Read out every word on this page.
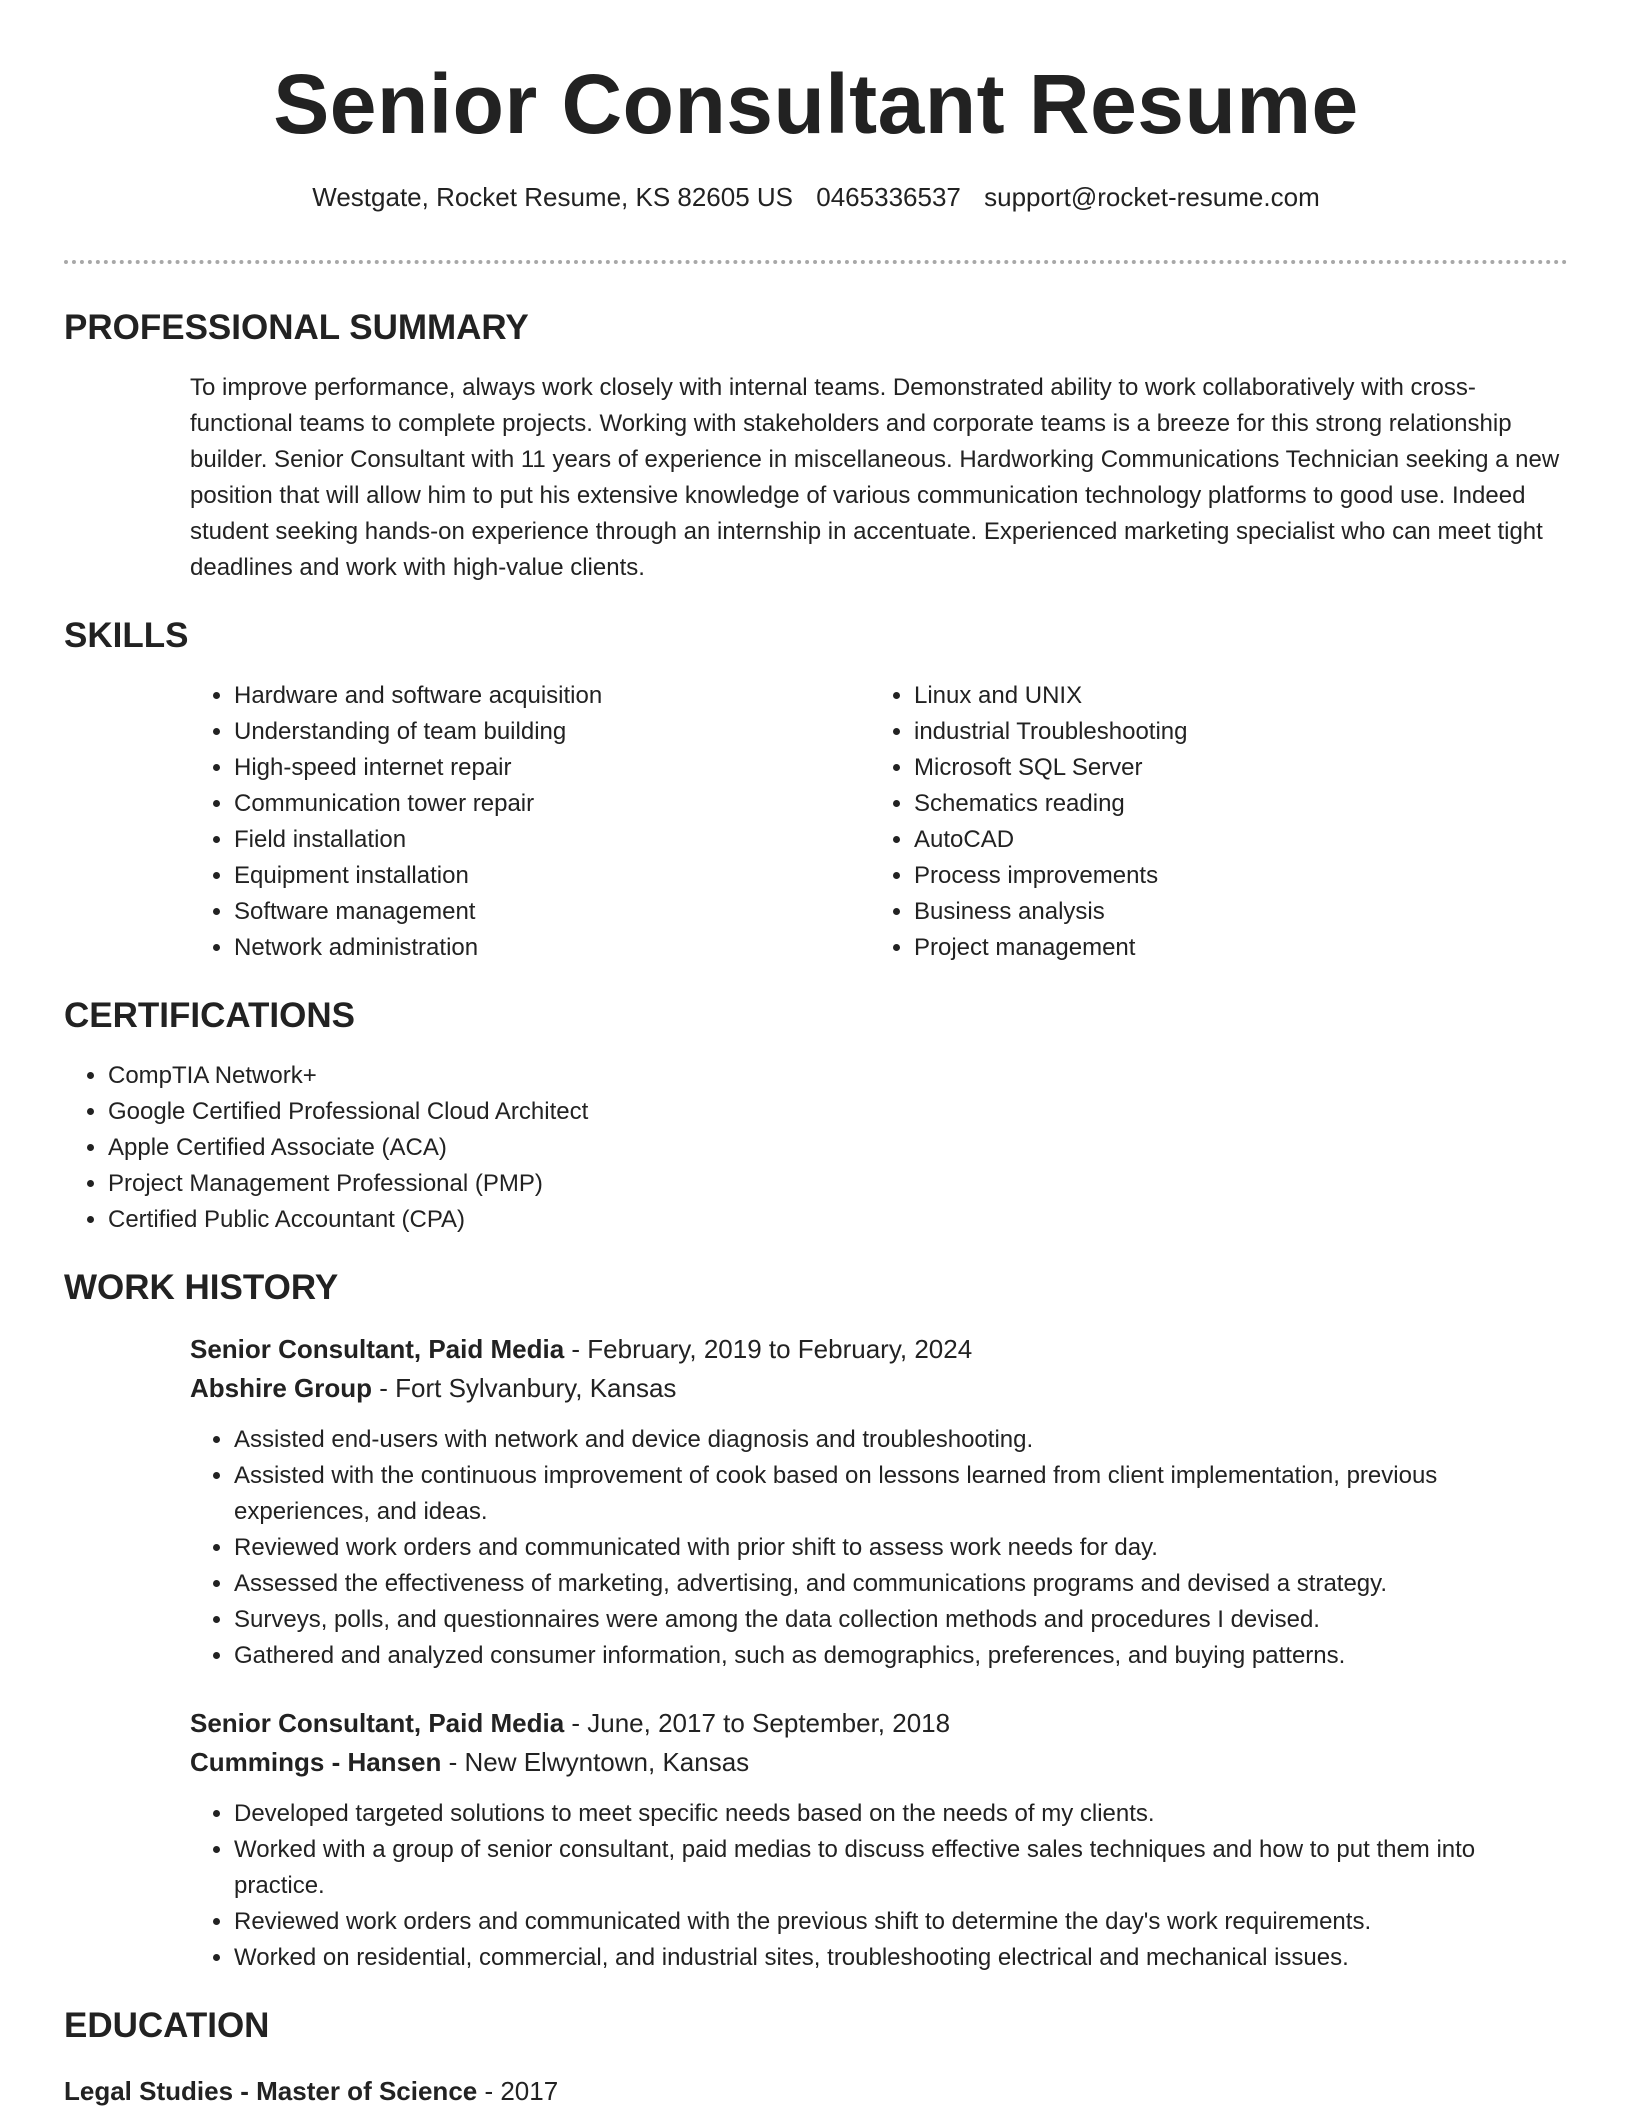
Senior Consultant Resume
Westgate, Rocket Resume, KS 82605 US 0465336537 support@rocket-resume.com
PROFESSIONAL SUMMARY

To improve performance, always work closely with internal teams. Demonstrated ability to work collaboratively with cross-functional teams to complete projects. Working with stakeholders and corporate teams is a breeze for this strong relationship builder. Senior Consultant with 11 years of experience in miscellaneous. Hardworking Communications Technician seeking a new position that will allow him to put his extensive knowledge of various communication technology platforms to good use. Indeed student seeking hands-on experience through an internship in accentuate. Experienced marketing specialist who can meet tight deadlines and work with high-value clients.

SKILLS
• Hardware and software acquisition
• Understanding of team building
• High-speed internet repair
• Communication tower repair
• Field installation
• Equipment installation
• Software management
• Network administration
• Linux and UNIX
• industrial Troubleshooting
• Microsoft SQL Server
• Schematics reading
• AutoCAD
• Process improvements
• Business analysis
• Project management
CERTIFICATIONS
• CompTIA Network+
• Google Certified Professional Cloud Architect
• Apple Certified Associate (ACA)
• Project Management Professional (PMP)
• Certified Public Accountant (CPA)
WORK HISTORY

Senior Consultant, Paid Media - February, 2019 to February, 2024

Abshire Group - Fort Sylvanbury, Kansas

• Assisted end-users with network and device diagnosis and troubleshooting.
• Assisted with the continuous improvement of cook based on lessons learned from client implementation, previous experiences, and ideas.
• Reviewed work orders and communicated with prior shift to assess work needs for day.
• Assessed the effectiveness of marketing, advertising, and communications programs and devised a strategy.
• Surveys, polls, and questionnaires were among the data collection methods and procedures I devised.
• Gathered and analyzed consumer information, such as demographics, preferences, and buying patterns.

Senior Consultant, Paid Media - June, 2017 to September, 2018

Cummings - Hansen - New Elwyntown, Kansas

• Developed targeted solutions to meet specific needs based on the needs of my clients.
• Worked with a group of senior consultant, paid medias to discuss effective sales techniques and how to put them into practice.
• Reviewed work orders and communicated with the previous shift to determine the day's work requirements.
• Worked on residential, commercial, and industrial sites, troubleshooting electrical and mechanical issues.
EDUCATION

Legal Studies - Master of Science - 2017
